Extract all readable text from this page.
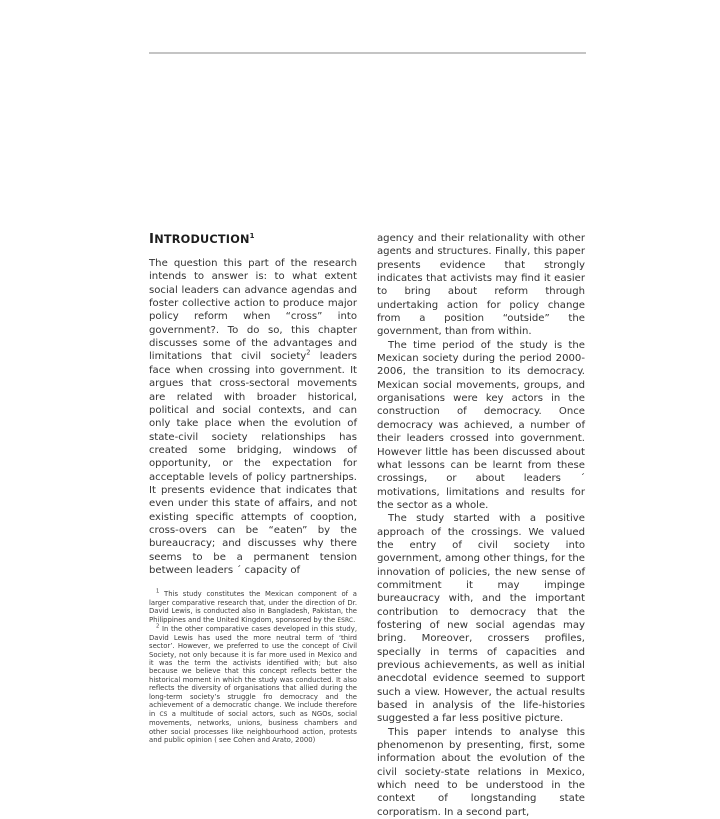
INTRODUCTION$^1$

The question this part of the research intends to answer is: to what extent social leaders can advance agendas and foster collective action to produce major policy reform when “cross” into government?. To do so, this chapter discusses some of the advantages and limitations that civil society$^2$ leaders face when crossing into government. It argues that cross-sectoral movements are related with broader historical, political and social contexts, and can only take place when the evolution of state-civil society relationships has created some bridging, windows of opportunity, or the expectation for acceptable levels of policy partnerships. It presents evidence that indicates that even under this state of affairs, and not existing specific attempts of cooption, cross-overs can be “eaten” by the bureaucracy; and discusses why there seems to be a permanent tension between leaders ´ capacity of

$^1$ This study constitutes the Mexican component of a larger comparative research that, under the direction of Dr. David Lewis, is conducted also in Bangladesh, Pakistan, the Philippines and the United Kingdom, sponsored by the ESRC.

$^2$ In the other comparative cases developed in this study, David Lewis has used the more neutral term of ‘third sector’. However, we preferred to use the concept of Civil Society, not only because it is far more used in Mexico and it was the term the activists identified with; but also because we believe that this concept reflects better the historical moment in which the study was conducted. It also reflects the diversity of organisations that allied during the long-term society’s struggle fro democracy and the achievement of a democratic change. We include therefore in CS a multitude of social actors, such as NGOs, social movements, networks, unions, business chambers and other social processes like neighbourhood action, protests and public opinion ( see Cohen and Arato, 2000)

agency and their relationality with other agents and structures. Finally, this paper presents evidence that strongly indicates that activists may find it easier to bring about reform through undertaking action for policy change from a position “outside” the government, than from within.

The time period of the study is the Mexican society during the period 2000-2006, the transition to its democracy. Mexican social movements, groups, and organisations were key actors in the construction of democracy. Once democracy was achieved, a number of their leaders crossed into government. However little has been discussed about what lessons can be learnt from these crossings, or about leaders ´ motivations, limitations and results for the sector as a whole.

The study started with a positive approach of the crossings. We valued the entry of civil society into government, among other things, for the innovation of policies, the new sense of commitment it may impinge bureaucracy with, and the important contribution to democracy that the fostering of new social agendas may bring. Moreover, crossers profiles, specially in terms of capacities and previous achievements, as well as initial anecdotal evidence seemed to support such a view. However, the actual results based in analysis of the life-histories suggested a far less positive picture.

This paper intends to analyse this phenomenon by presenting, first, some information about the evolution of the civil society-state relations in Mexico, which need to be understood in the context of longstanding state corporatism. In a second part,
